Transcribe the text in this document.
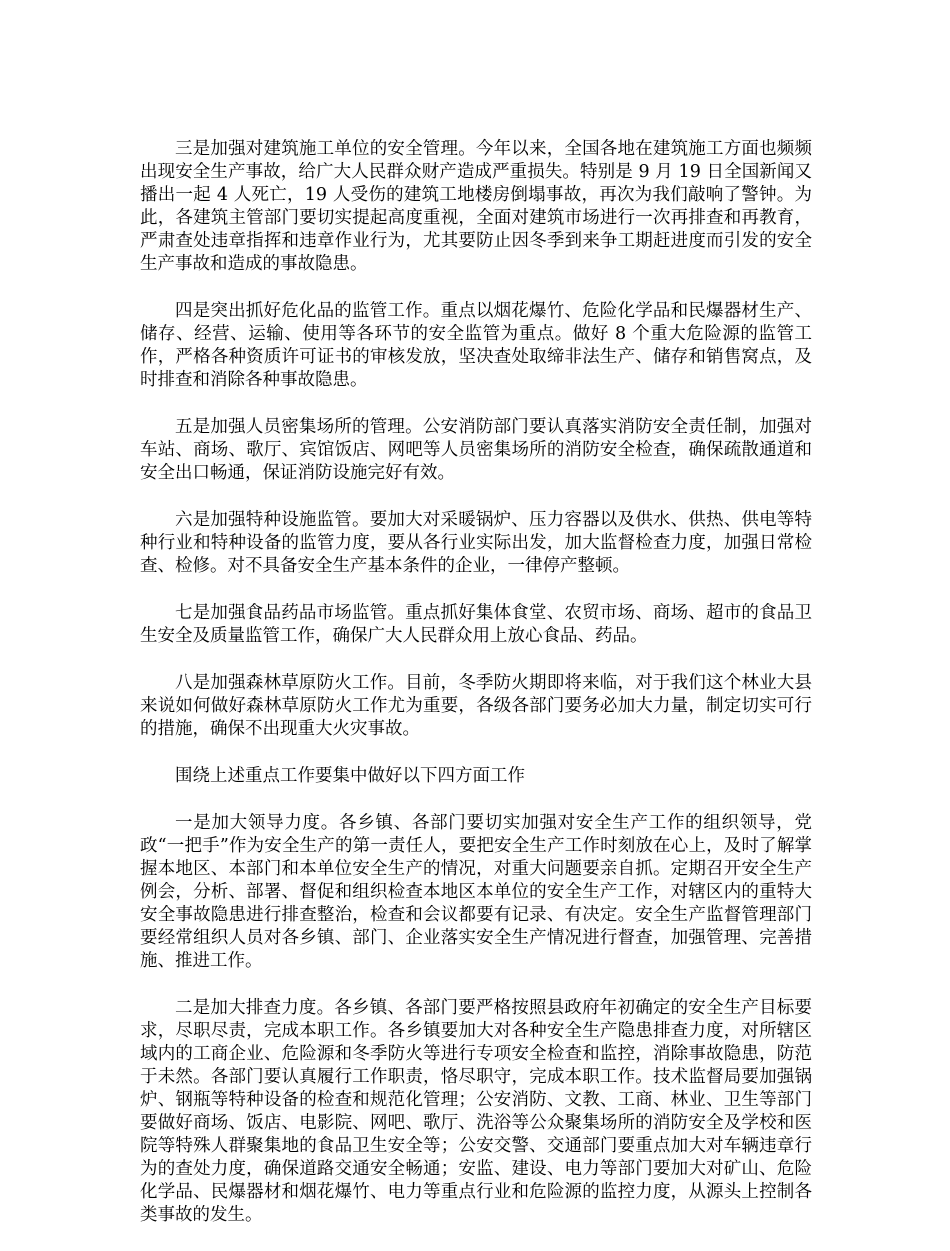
三是加强对建筑施工单位的安全管理。今年以来，全国各地在建筑施工方面也频频出现安全生产事故，给广大人民群众财产造成严重损失。特别是 9 月 19 日全国新闻又播出一起 4 人死亡，19 人受伤的建筑工地楼房倒塌事故，再次为我们敲响了警钟。为此，各建筑主管部门要切实提起高度重视，全面对建筑市场进行一次再排查和再教育，严肃查处违章指挥和违章作业行为，尤其要防止因冬季到来争工期赶进度而引发的安全生产事故和造成的事故隐患。

四是突出抓好危化品的监管工作。重点以烟花爆竹、危险化学品和民爆器材生产、储存、经营、运输、使用等各环节的安全监管为重点。做好 8 个重大危险源的监管工作，严格各种资质许可证书的审核发放，坚决查处取缔非法生产、储存和销售窝点，及时排查和消除各种事故隐患。

五是加强人员密集场所的管理。公安消防部门要认真落实消防安全责任制，加强对车站、商场、歌厅、宾馆饭店、网吧等人员密集场所的消防安全检查，确保疏散通道和安全出口畅通，保证消防设施完好有效。

六是加强特种设施监管。要加大对采暖锅炉、压力容器以及供水、供热、供电等特种行业和特种设备的监管力度，要从各行业实际出发，加大监督检查力度，加强日常检查、检修。对不具备安全生产基本条件的企业，一律停产整顿。

七是加强食品药品市场监管。重点抓好集体食堂、农贸市场、商场、超市的食品卫生安全及质量监管工作，确保广大人民群众用上放心食品、药品。

八是加强森林草原防火工作。目前，冬季防火期即将来临，对于我们这个林业大县来说如何做好森林草原防火工作尤为重要，各级各部门要务必加大力量，制定切实可行的措施，确保不出现重大火灾事故。

围绕上述重点工作要集中做好以下四方面工作

一是加大领导力度。各乡镇、各部门要切实加强对安全生产工作的组织领导，党政“一把手”作为安全生产的第一责任人，要把安全生产工作时刻放在心上，及时了解掌握本地区、本部门和本单位安全生产的情况，对重大问题要亲自抓。定期召开安全生产例会，分析、部署、督促和组织检查本地区本单位的安全生产工作，对辖区内的重特大安全事故隐患进行排查整治，检查和会议都要有记录、有决定。安全生产监督管理部门要经常组织人员对各乡镇、部门、企业落实安全生产情况进行督查，加强管理、完善措施、推进工作。

二是加大排查力度。各乡镇、各部门要严格按照县政府年初确定的安全生产目标要求，尽职尽责，完成本职工作。各乡镇要加大对各种安全生产隐患排查力度，对所辖区域内的工商企业、危险源和冬季防火等进行专项安全检查和监控，消除事故隐患，防范于未然。各部门要认真履行工作职责，恪尽职守，完成本职工作。技术监督局要加强锅炉、钢瓶等特种设备的检查和规范化管理；公安消防、文教、工商、林业、卫生等部门要做好商场、饭店、电影院、网吧、歌厅、洗浴等公众聚集场所的消防安全及学校和医院等特殊人群聚集地的食品卫生安全等；公安交警、交通部门要重点加大对车辆违章行为的查处力度，确保道路交通安全畅通；安监、建设、电力等部门要加大对矿山、危险化学品、民爆器材和烟花爆竹、电力等重点行业和危险源的监控力度，从源头上控制各类事故的发生。
